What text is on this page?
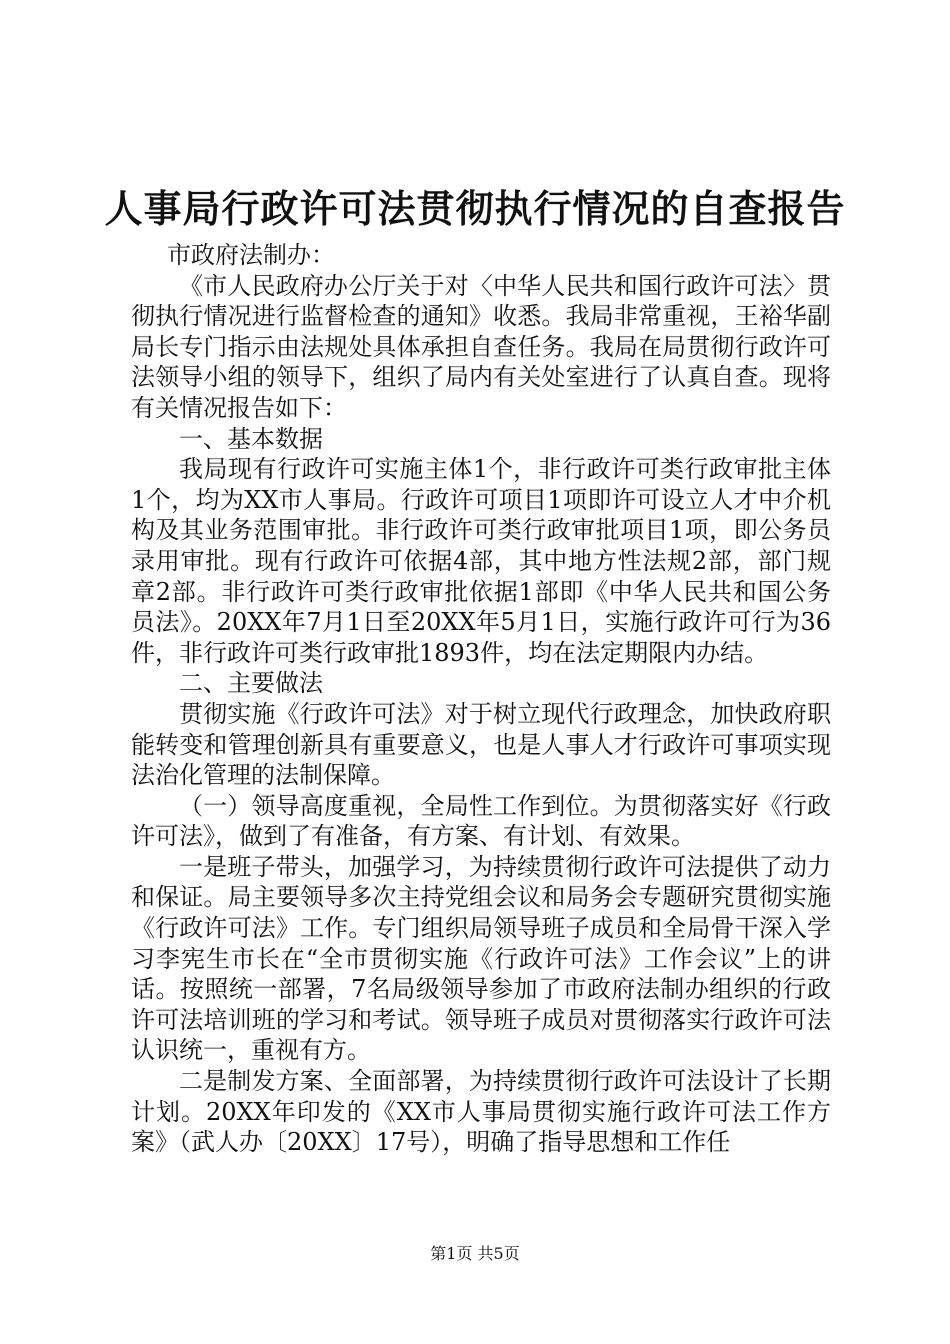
人事局行政许可法贯彻执行情况的自查报告

市政府法制办：

《市人民政府办公厅关于对〈中华人民共和国行政许可法〉贯彻执行情况进行监督检查的通知》收悉。我局非常重视，王裕华副局长专门指示由法规处具体承担自查任务。我局在局贯彻行政许可法领导小组的领导下，组织了局内有关处室进行了认真自查。现将有关情况报告如下：

一、基本数据

我局现有行政许可实施主体1个，非行政许可类行政审批主体1个，均为XX市人事局。行政许可项目1项即许可设立人才中介机构及其业务范围审批。非行政许可类行政审批项目1项，即公务员录用审批。现有行政许可依据4部，其中地方性法规2部，部门规章2部。非行政许可类行政审批依据1部即《中华人民共和国公务员法》。20XX年7月1日至20XX年5月1日，实施行政许可行为36件，非行政许可类行政审批1893件，均在法定期限内办结。

二、主要做法

贯彻实施《行政许可法》对于树立现代行政理念，加快政府职能转变和管理创新具有重要意义，也是人事人才行政许可事项实现法治化管理的法制保障。

（一）领导高度重视，全局性工作到位。为贯彻落实好《行政许可法》，做到了有准备，有方案、有计划、有效果。

一是班子带头，加强学习，为持续贯彻行政许可法提供了动力和保证。局主要领导多次主持党组会议和局务会专题研究贯彻实施《行政许可法》工作。专门组织局领导班子成员和全局骨干深入学习李宪生市长在“全市贯彻实施《行政许可法》工作会议”上的讲话。按照统一部署，7名局级领导参加了市政府法制办组织的行政许可法培训班的学习和考试。领导班子成员对贯彻落实行政许可法认识统一，重视有方。

二是制发方案、全面部署，为持续贯彻行政许可法设计了长期计划。20XX年印发的《XX市人事局贯彻实施行政许可法工作方案》（武人办〔20XX〕17号），明确了指导思想和工作任

第1页 共5页
